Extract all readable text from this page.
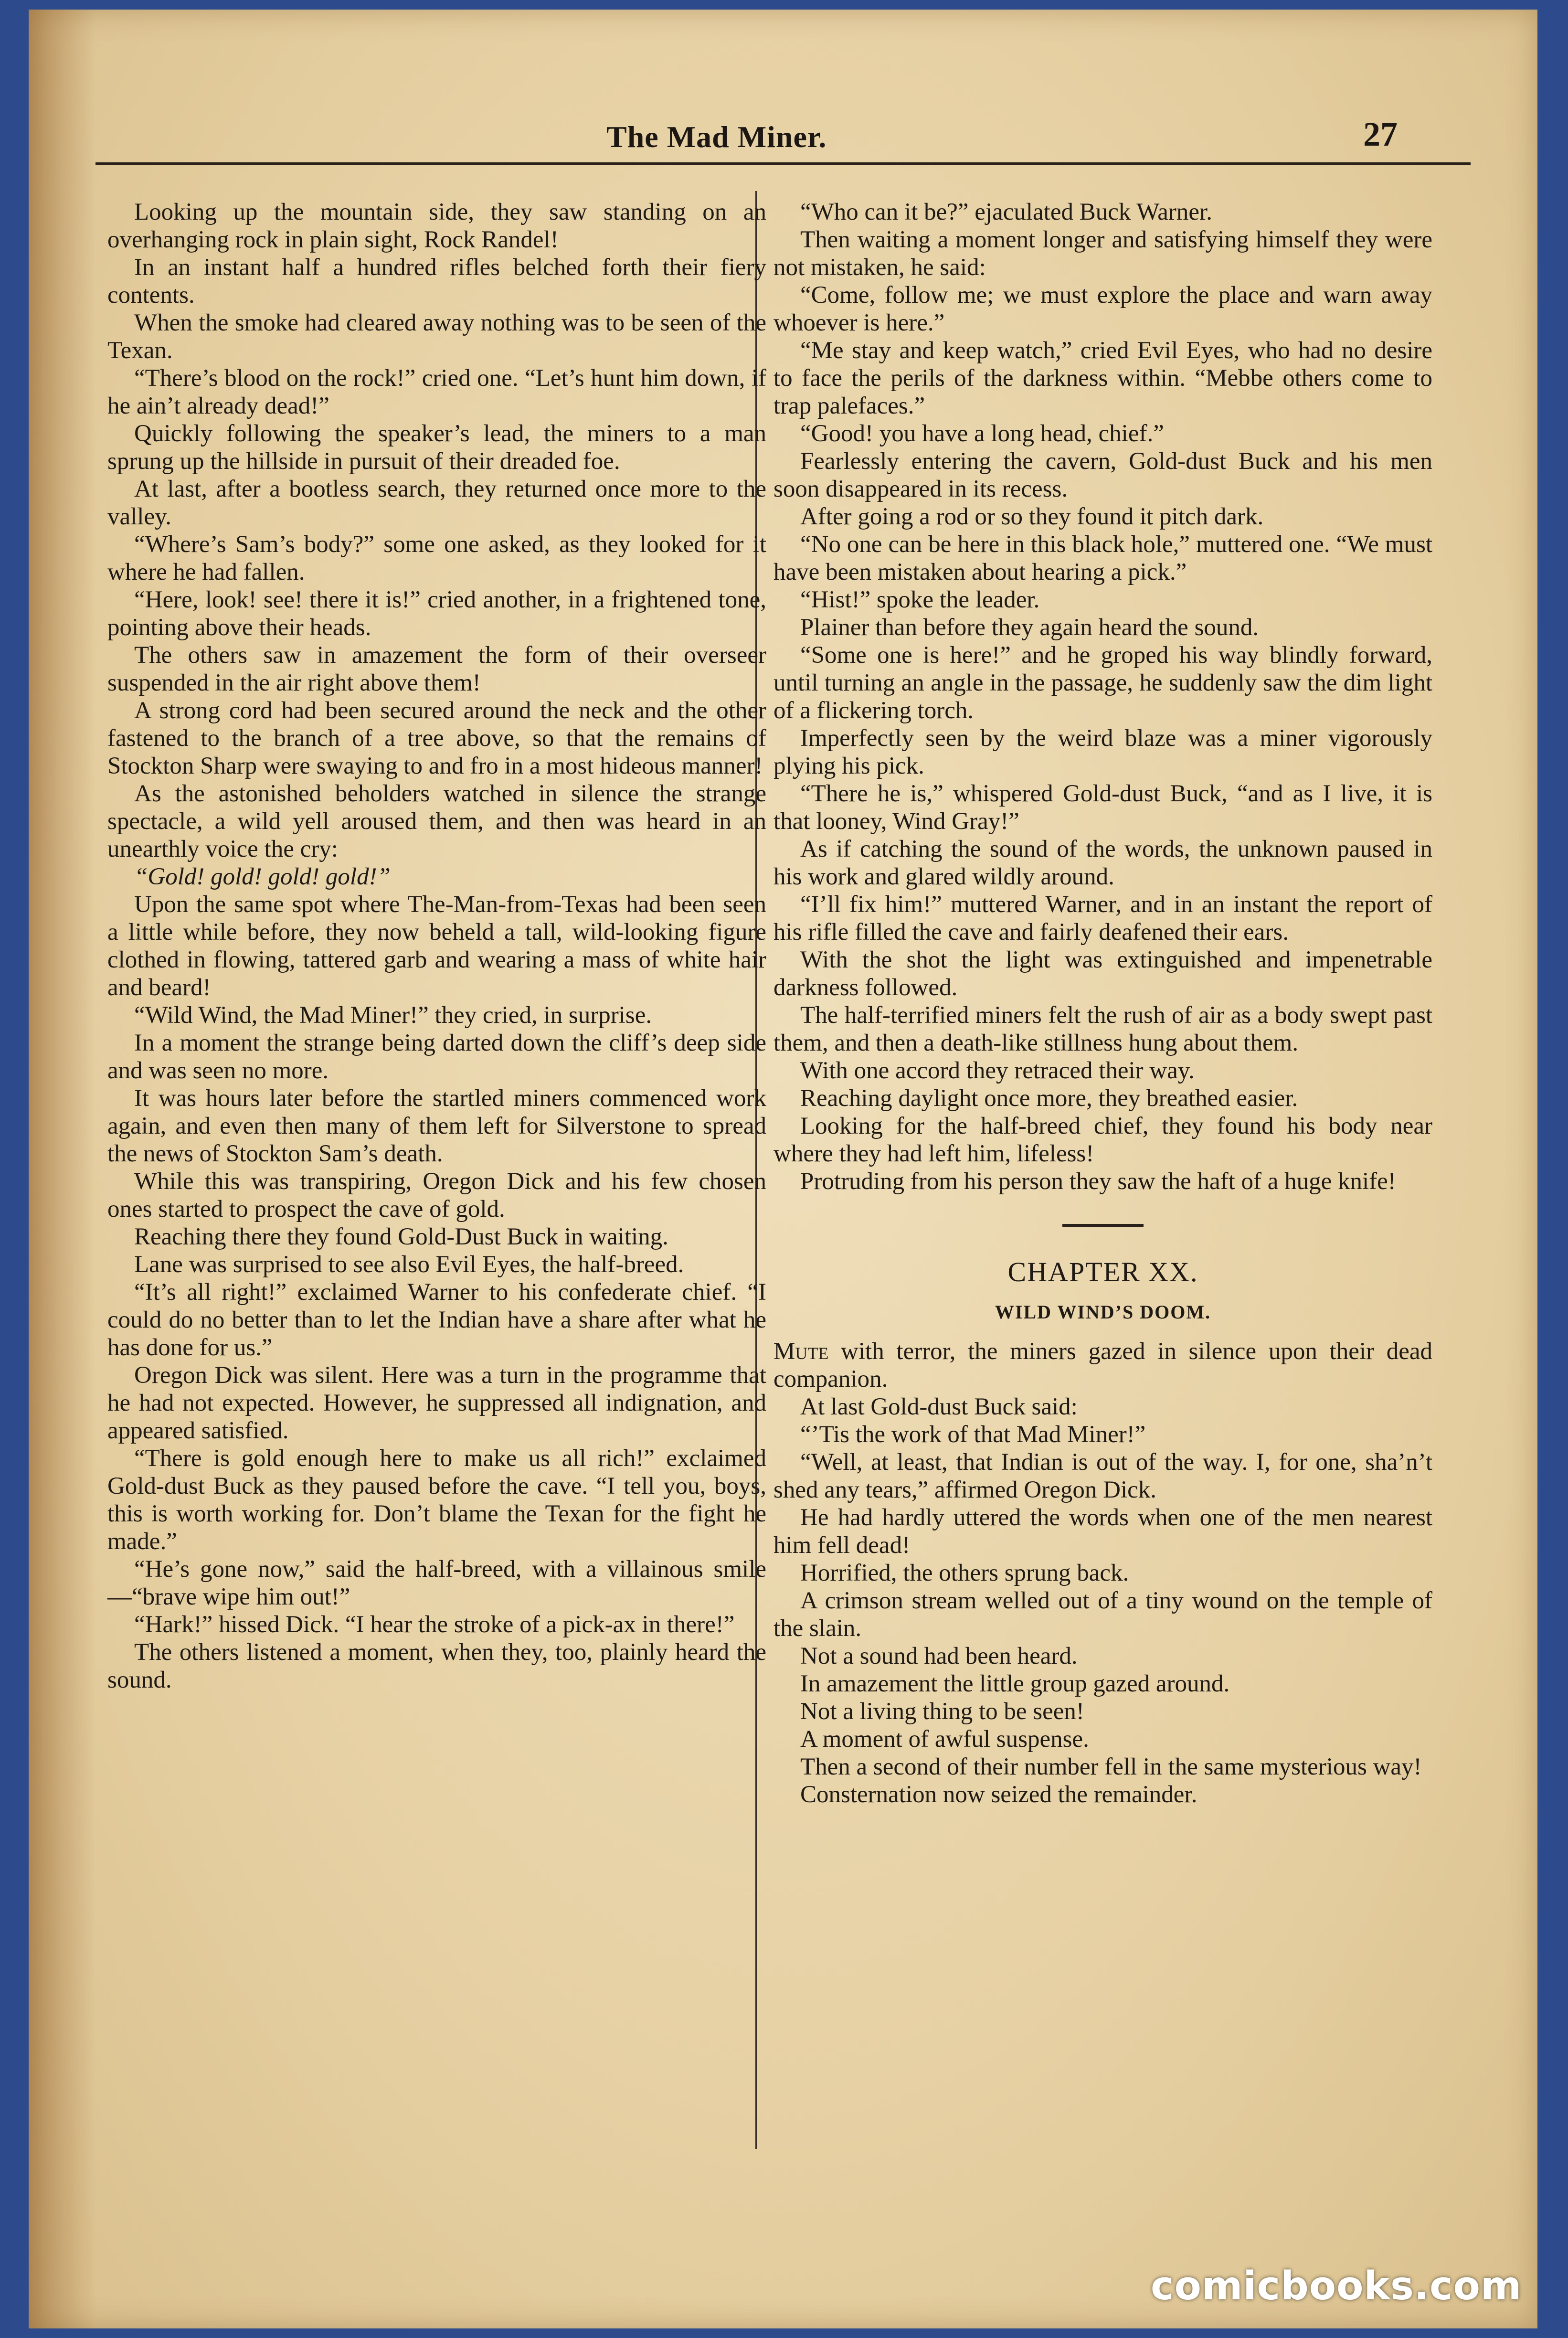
The Mad Miner.	27

Looking up the mountain side, they saw standing on an overhanging rock in plain sight, Rock Randel!

In an instant half a hundred rifles belched forth their fiery contents.

When the smoke had cleared away nothing was to be seen of the Texan.

“There’s blood on the rock!” cried one. “Let’s hunt him down, if he ain’t already dead!”

Quickly following the speaker’s lead, the miners to a man sprung up the hillside in pursuit of their dreaded foe.

At last, after a bootless search, they returned once more to the valley.

“Where’s Sam’s body?” some one asked, as they looked for it where he had fallen.

“Here, look! see! there it is!” cried another, in a frightened tone, pointing above their heads.

The others saw in amazement the form of their overseer suspended in the air right above them!

A strong cord had been secured around the neck and the other fastened to the branch of a tree above, so that the remains of Stockton Sharp were swaying to and fro in a most hideous manner!

As the astonished beholders watched in silence the strange spectacle, a wild yell aroused them, and then was heard in an unearthly voice the cry:

“Gold! gold! gold! gold!”

Upon the same spot where The-Man-from-Texas had been seen a little while before, they now beheld a tall, wild-looking figure clothed in flowing, tattered garb and wearing a mass of white hair and beard!

“Wild Wind, the Mad Miner!” they cried, in surprise.

In a moment the strange being darted down the cliff’s deep side and was seen no more.

It was hours later before the startled miners commenced work again, and even then many of them left for Silverstone to spread the news of Stockton Sam’s death.

While this was transpiring, Oregon Dick and his few chosen ones started to prospect the cave of gold.

Reaching there they found Gold-Dust Buck in waiting.

Lane was surprised to see also Evil Eyes, the half-breed.

“It’s all right!” exclaimed Warner to his confederate chief. “I could do no better than to let the Indian have a share after what he has done for us.”

Oregon Dick was silent. Here was a turn in the programme that he had not expected. However, he suppressed all indignation, and appeared satisfied.

“There is gold enough here to make us all rich!” exclaimed Gold-dust Buck as they paused before the cave. “I tell you, boys, this is worth working for. Don’t blame the Texan for the fight he made.”

“He’s gone now,” said the half-breed, with a villainous smile—“brave wipe him out!”

“Hark!” hissed Dick. “I hear the stroke of a pick-ax in there!”

The others listened a moment, when they, too, plainly heard the sound.

“Who can it be?” ejaculated Buck Warner.

Then waiting a moment longer and satisfying himself they were not mistaken, he said:

“Come, follow me; we must explore the place and warn away whoever is here.”

“Me stay and keep watch,” cried Evil Eyes, who had no desire to face the perils of the darkness within. “Mebbe others come to trap palefaces.”

“Good! you have a long head, chief.”

Fearlessly entering the cavern, Gold-dust Buck and his men soon disappeared in its recess.

After going a rod or so they found it pitch dark.

“No one can be here in this black hole,” muttered one. “We must have been mistaken about hearing a pick.”

“Hist!” spoke the leader.

Plainer than before they again heard the sound.

“Some one is here!” and he groped his way blindly forward, until turning an angle in the passage, he suddenly saw the dim light of a flickering torch.

Imperfectly seen by the weird blaze was a miner vigorously plying his pick.

“There he is,” whispered Gold-dust Buck, “and as I live, it is that looney, Wind Gray!”

As if catching the sound of the words, the unknown paused in his work and glared wildly around.

“I’ll fix him!” muttered Warner, and in an instant the report of his rifle filled the cave and fairly deafened their ears.

With the shot the light was extinguished and impenetrable darkness followed.

The half-terrified miners felt the rush of air as a body swept past them, and then a death-like stillness hung about them.

With one accord they retraced their way.

Reaching daylight once more, they breathed easier.

Looking for the half-breed chief, they found his body near where they had left him, lifeless!

Protruding from his person they saw the haft of a huge knife!

CHAPTER XX.
WILD WIND’S DOOM.

Mute with terror, the miners gazed in silence upon their dead companion.

At last Gold-dust Buck said:

“’Tis the work of that Mad Miner!”

“Well, at least, that Indian is out of the way. I, for one, sha’n’t shed any tears,” affirmed Oregon Dick.

He had hardly uttered the words when one of the men nearest him fell dead!

Horrified, the others sprung back.

A crimson stream welled out of a tiny wound on the temple of the slain.

Not a sound had been heard.

In amazement the little group gazed around.

Not a living thing to be seen!

A moment of awful suspense.

Then a second of their number fell in the same mysterious way!

Consternation now seized the remainder.

comicbooks.com
